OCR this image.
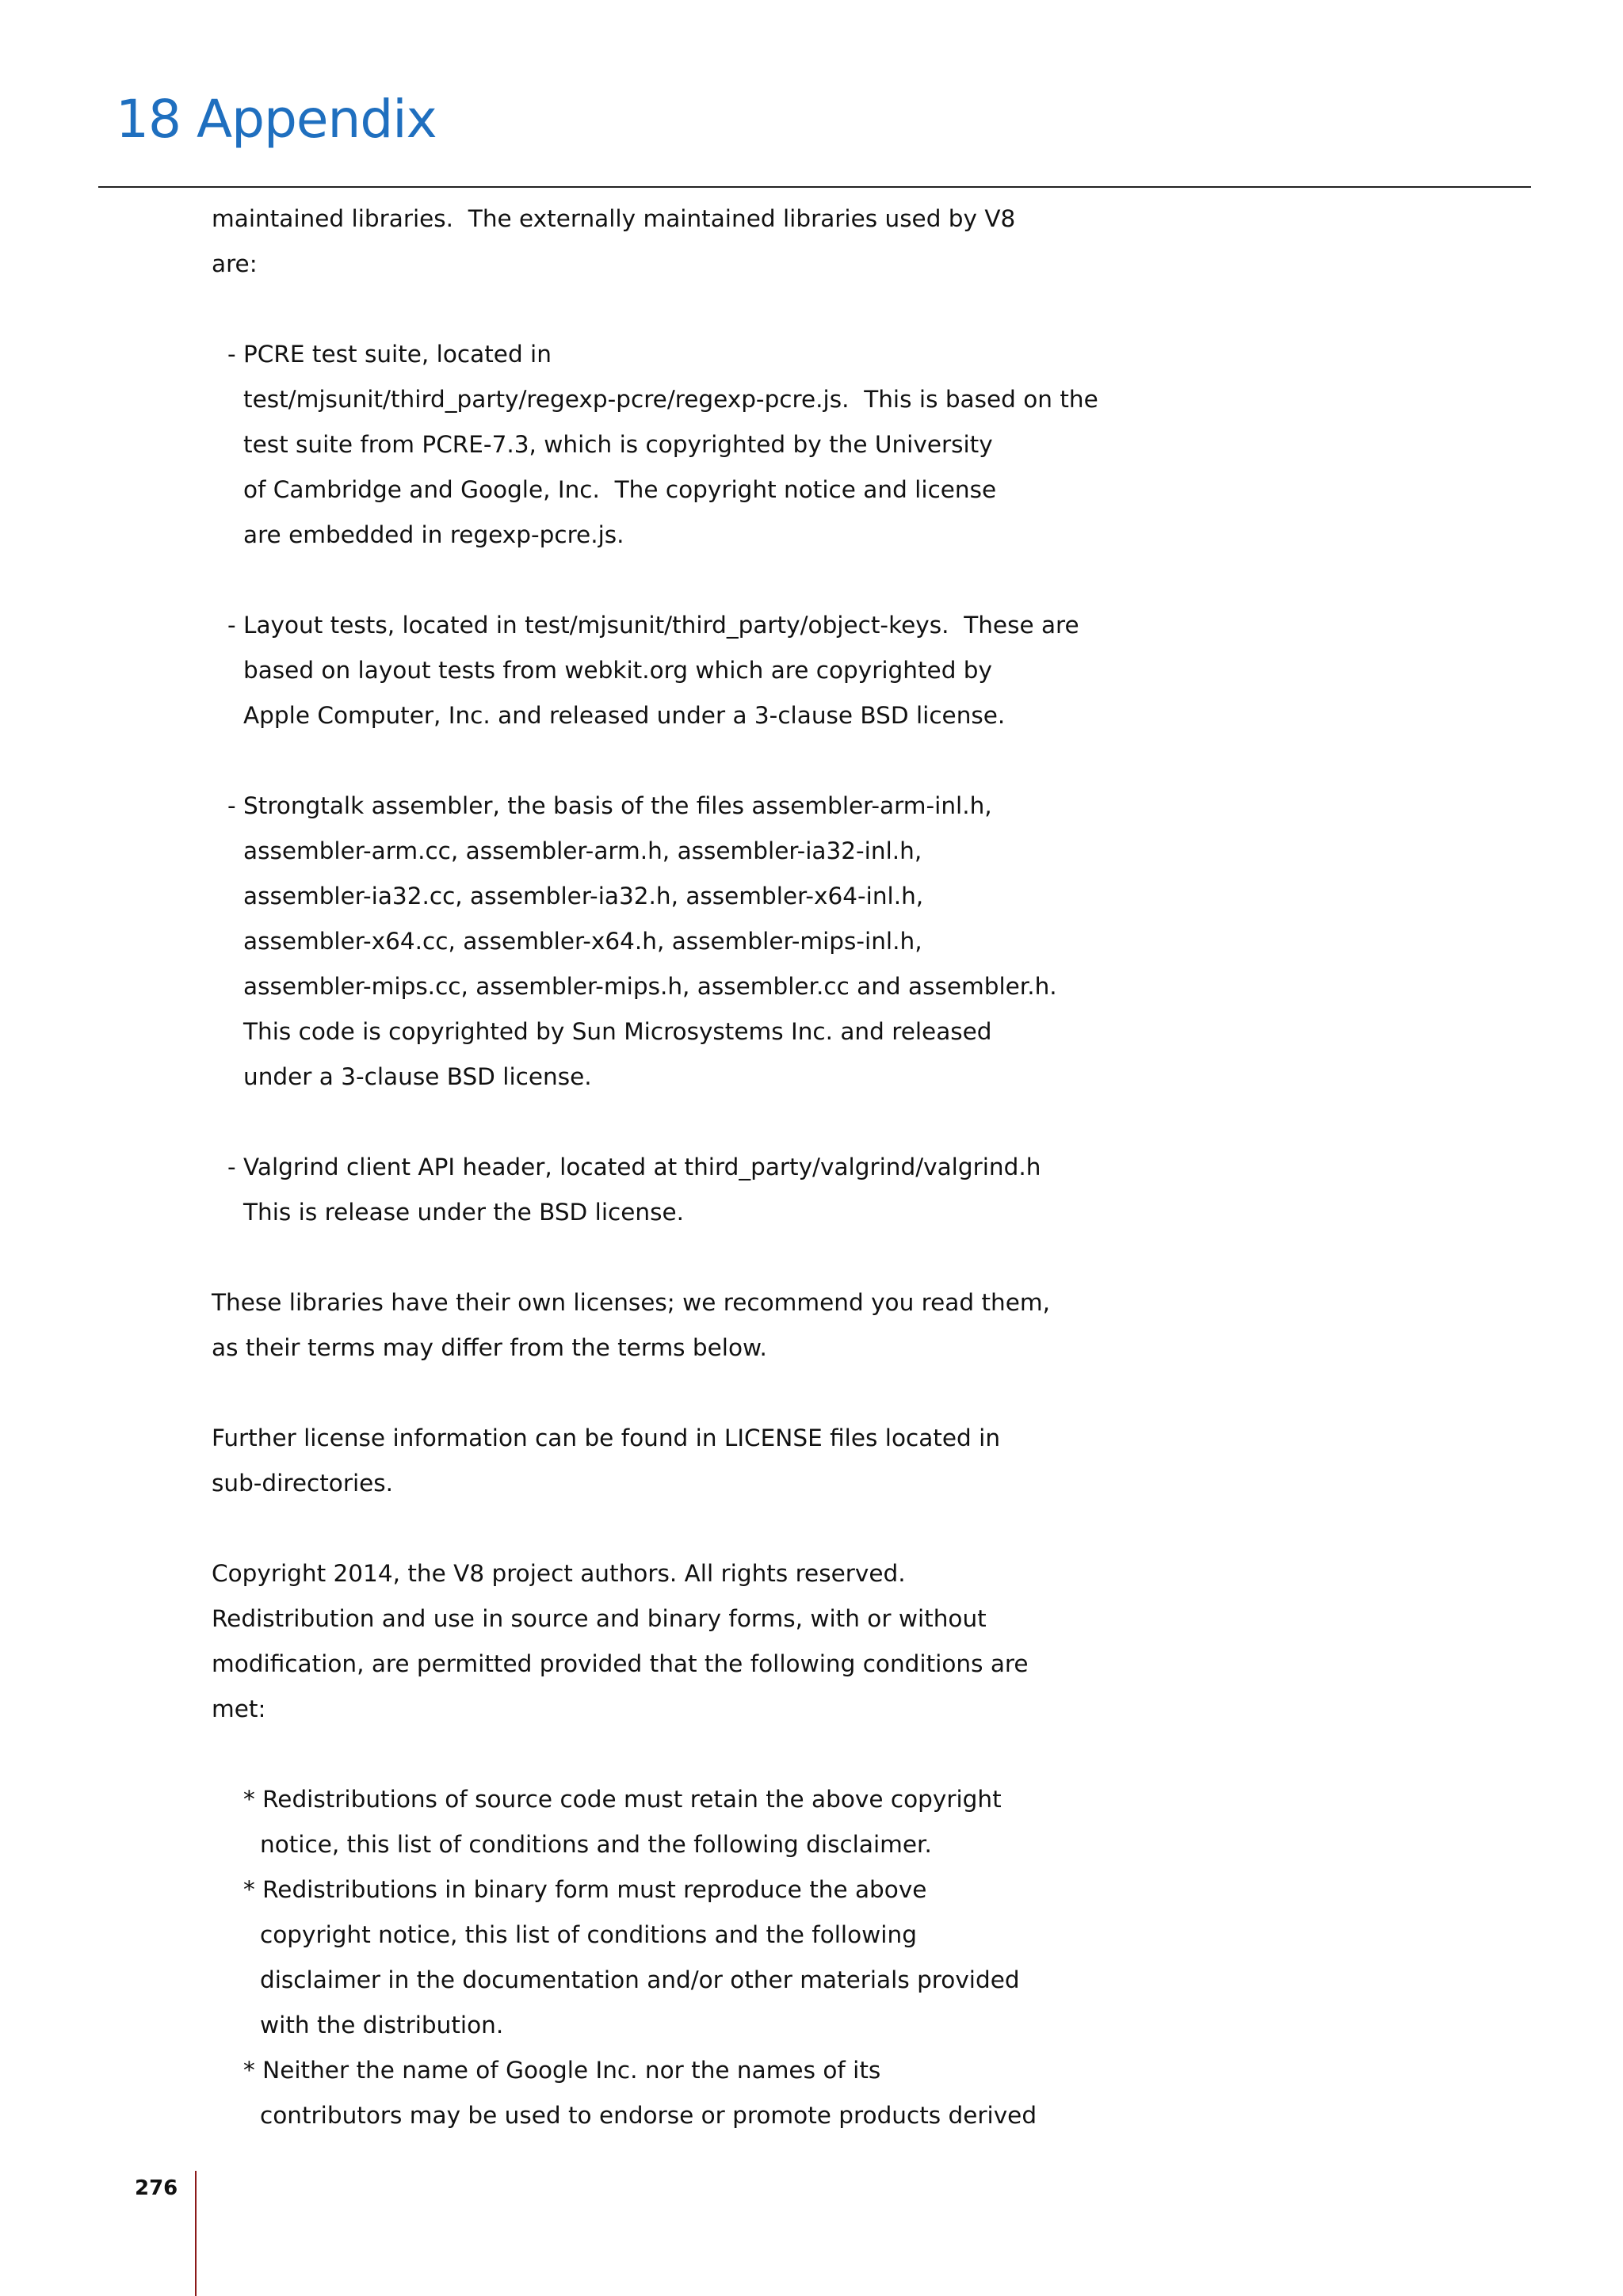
18 Appendix
maintained libraries.  The externally maintained libraries used by V8
are:
- PCRE test suite, located in
test/mjsunit/third_party/regexp-pcre/regexp-pcre.js.  This is based on the
test suite from PCRE-7.3, which is copyrighted by the University
of Cambridge and Google, Inc.  The copyright notice and license
are embedded in regexp-pcre.js.
- Layout tests, located in test/mjsunit/third_party/object-keys.  These are
based on layout tests from webkit.org which are copyrighted by
Apple Computer, Inc. and released under a 3-clause BSD license.
- Strongtalk assembler, the basis of the files assembler-arm-inl.h,
assembler-arm.cc, assembler-arm.h, assembler-ia32-inl.h,
assembler-ia32.cc, assembler-ia32.h, assembler-x64-inl.h,
assembler-x64.cc, assembler-x64.h, assembler-mips-inl.h,
assembler-mips.cc, assembler-mips.h, assembler.cc and assembler.h.
This code is copyrighted by Sun Microsystems Inc. and released
under a 3-clause BSD license.
- Valgrind client API header, located at third_party/valgrind/valgrind.h
This is release under the BSD license.
These libraries have their own licenses; we recommend you read them,
as their terms may differ from the terms below.
Further license information can be found in LICENSE files located in
sub-directories.
Copyright 2014, the V8 project authors. All rights reserved.
Redistribution and use in source and binary forms, with or without
modification, are permitted provided that the following conditions are
met:
* Redistributions of source code must retain the above copyright
notice, this list of conditions and the following disclaimer.
* Redistributions in binary form must reproduce the above
copyright notice, this list of conditions and the following
disclaimer in the documentation and/or other materials provided
with the distribution.
* Neither the name of Google Inc. nor the names of its
contributors may be used to endorse or promote products derived
276
